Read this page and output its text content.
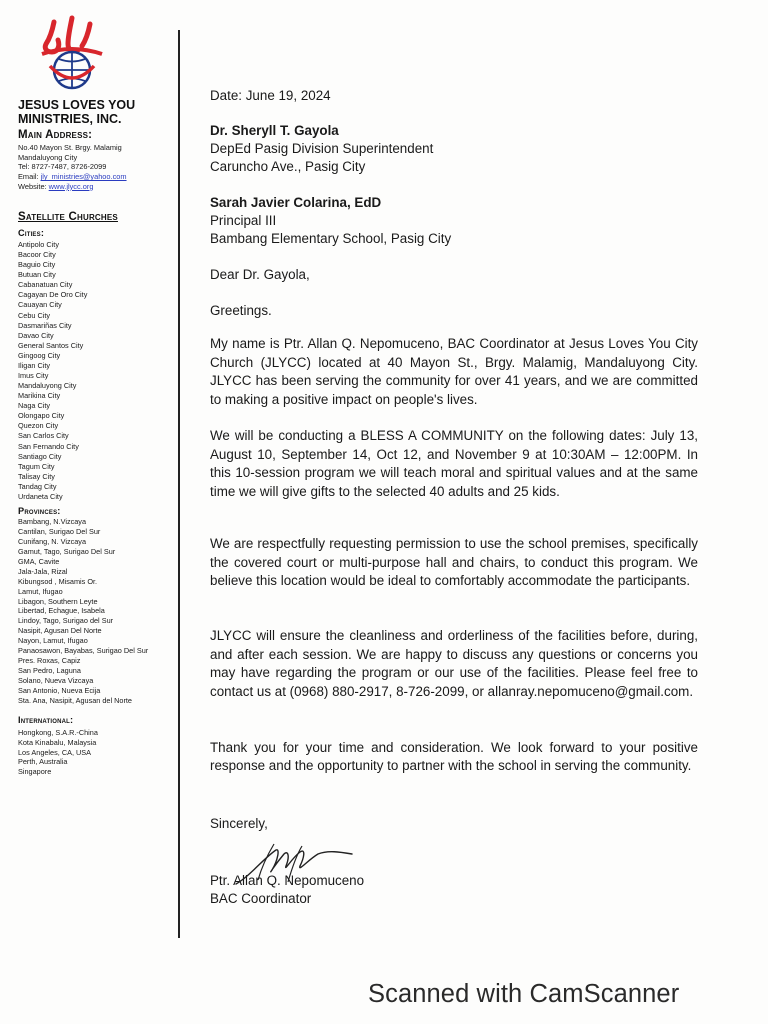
JESUS LOVES YOU
MINISTRIES, INC.
Main Address:
No.40 Mayon St. Brgy. Malamig
Mandaluyong City
Tel: 8727-7487, 8726-2099
Email: jly_ministries@yahoo.com
Website: www.jlycc.org
Satellite Churches
Cities:
Antipolo City
Bacoor City
Baguio City
Butuan City
Cabanatuan City
Cagayan De Oro City
Cauayan City
Cebu City
Dasmariñas City
Davao City
General Santos City
Gingoog City
Iligan City
Imus City
Mandaluyong City
Marikina City
Naga City
Olongapo City
Quezon City
San Carlos City
San Fernando City
Santiago City
Tagum City
Talisay City
Tandag City
Urdaneta City
Provinces:
Bambang, N.Vizcaya
Cantilan, Surigao Del Sur
Cunifang, N. Vizcaya
Gamut, Tago, Surigao Del Sur
GMA, Cavite
Jala-Jala, Rizal
Kibungsod , Misamis Or.
Lamut, Ifugao
Libagon, Southern Leyte
Libertad, Echague, Isabela
Lindoy, Tago, Surigao del Sur
Nasipit, Agusan Del Norte
Nayon, Lamut, Ifugao
Panaosawon, Bayabas, Surigao Del Sur
Pres. Roxas, Capiz
San Pedro, Laguna
Solano, Nueva Vizcaya
San Antonio, Nueva Ecija
Sta. Ana, Nasipit, Agusan del Norte
International:
Hongkong, S.A.R.-China
Kota Kinabalu, Malaysia
Los Angeles, CA, USA
Perth, Australia
Singapore
Date: June 19, 2024
Dr. Sheryll T. Gayola
DepEd Pasig Division Superintendent
Caruncho Ave., Pasig City
Sarah Javier Colarina, EdD
Principal III
Bambang Elementary School, Pasig City
Dear Dr. Gayola,
Greetings.

My name is Ptr. Allan Q. Nepomuceno, BAC Coordinator at Jesus Loves You City Church (JLYCC) located at 40 Mayon St., Brgy. Malamig, Mandaluyong City. JLYCC has been serving the community for over 41 years, and we are committed to making a positive impact on people's lives.

We will be conducting a BLESS A COMMUNITY on the following dates: July 13, August 10, September 14, Oct 12, and November 9 at 10:30AM – 12:00PM. In this 10-session program we will teach moral and spiritual values and at the same time we will give gifts to the selected 40 adults and 25 kids.

We are respectfully requesting permission to use the school premises, specifically the covered court or multi-purpose hall and chairs, to conduct this program. We believe this location would be ideal to comfortably accommodate the participants.

JLYCC will ensure the cleanliness and orderliness of the facilities before, during, and after each session. We are happy to discuss any questions or concerns you may have regarding the program or our use of the facilities. Please feel free to contact us at (0968) 880-2917, 8-726-2099, or allanray.nepomuceno@gmail.com.

Thank you for your time and consideration. We look forward to your positive response and the opportunity to partner with the school in serving the community.

Sincerely,
Ptr. Allan Q. Nepomuceno
BAC Coordinator
Scanned with CamScanner
